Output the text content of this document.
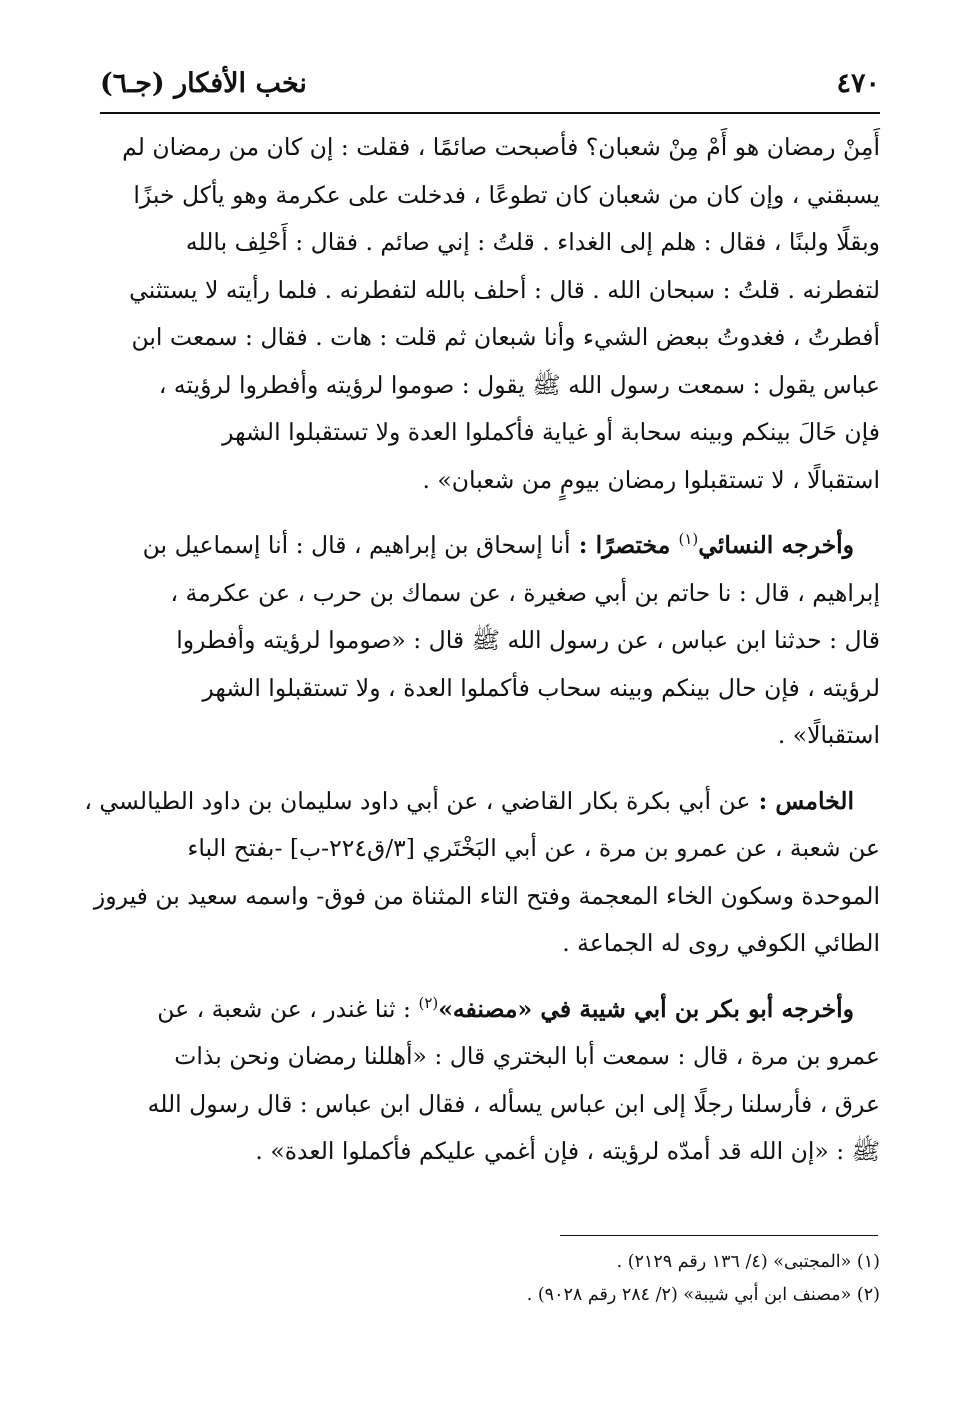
٤٧٠
نخب الأفكار (جـ٦)

أَمِنْ رمضان هو أَمْ مِنْ شعبان؟ فأصبحت صائمًا ، فقلت : إن كان من رمضان لم
يسبقني ، وإن كان من شعبان كان تطوعًا ، فدخلت على عكرمة وهو يأكل خبزًا
وبقلًا ولبنًا ، فقال : هلم إلى الغداء . قلتُ : إني صائم . فقال : أَحْلِف بالله
لتفطرنه . قلتُ : سبحان الله . قال : أحلف بالله لتفطرنه . فلما رأيته لا يستثني
أفطرتُ ، فغدوتُ ببعض الشيء وأنا شبعان ثم قلت : هات . فقال : سمعت ابن
عباس يقول : سمعت رسول الله ﷺ يقول : صوموا لرؤيته وأفطروا لرؤيته ،
فإن حَالَ بينكم وبينه سحابة أو غياية فأكملوا العدة ولا تستقبلوا الشهر
استقبالًا ، لا تستقبلوا رمضان بيومٍ من شعبان» .

وأخرجه النسائي$^{(١)}$ مختصرًا : أنا إسحاق بن إبراهيم ، قال : أنا إسماعيل بن
إبراهيم ، قال : نا حاتم بن أبي صغيرة ، عن سماك بن حرب ، عن عكرمة ،
قال : حدثنا ابن عباس ، عن رسول الله ﷺ قال : «صوموا لرؤيته وأفطروا
لرؤيته ، فإن حال بينكم وبينه سحاب فأكملوا العدة ، ولا تستقبلوا الشهر
استقبالًا» .

الخامس : عن أبي بكرة بكار القاضي ، عن أبي داود سليمان بن داود الطيالسي ،
عن شعبة ، عن عمرو بن مرة ، عن أبي البَخْتَري [٣/ق٢٢٤-ب] -بفتح الباء
الموحدة وسكون الخاء المعجمة وفتح التاء المثناة من فوق- واسمه سعيد بن فيروز
الطائي الكوفي روى له الجماعة .

وأخرجه أبو بكر بن أبي شيبة في «مصنفه»$^{(٢)}$ : ثنا غندر ، عن شعبة ، عن
عمرو بن مرة ، قال : سمعت أبا البختري قال : «أهللنا رمضان ونحن بذات
عرق ، فأرسلنا رجلًا إلى ابن عباس يسأله ، فقال ابن عباس : قال رسول الله
ﷺ : «إن الله قد أمدّه لرؤيته ، فإن أغمي عليكم فأكملوا العدة» .

(١) «المجتبى» (٤/ ١٣٦ رقم ٢١٢٩) .
(٢) «مصنف ابن أبي شيبة» (٢/ ٢٨٤ رقم ٩٠٢٨) .
